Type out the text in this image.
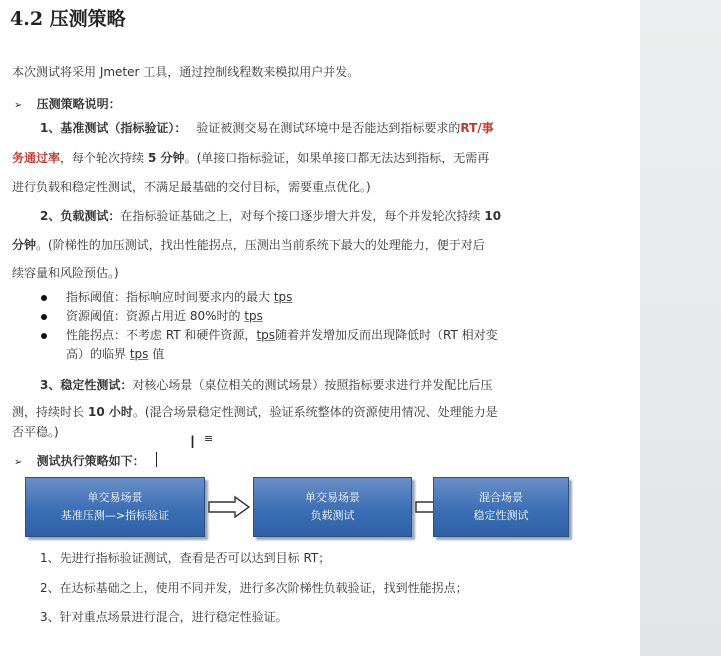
4.2 压测策略
本次测试将采用 Jmeter 工具，通过控制线程数来模拟用户并发。
➢ 压测策略说明：
1、基准测试（指标验证）： 验证被测交易在测试环境中是否能达到指标要求的RT/事
务通过率，每个轮次持续 5 分钟。(单接口指标验证，如果单接口都无法达到指标，无需再
进行负载和稳定性测试，不满足最基础的交付目标，需要重点优化。)
2、负载测试：在指标验证基础之上，对每个接口逐步增大并发，每个并发轮次持续 10
分钟。(阶梯性的加压测试，找出性能拐点，压测出当前系统下最大的处理能力，便于对后
续容量和风险预估。)
指标阈值：指标响应时间要求内的最大 tps
资源阈值：资源占用近 80%时的 tps
性能拐点：不考虑 RT 和硬件资源，tps随着并发增加反而出现降低时（RT 相对变
高）的临界 tps 值
3、稳定性测试：对核心场景（桌位相关的测试场景）按照指标要求进行并发配比后压
测，持续时长 10 小时。(混合场景稳定性测试，验证系统整体的资源使用情况、处理能力是
否平稳。)
I ≡
➢ 测试执行策略如下：
单交易场景
基准压测—>指标验证
单交易场景
负载测试
混合场景
稳定性测试
1、先进行指标验证测试，查看是否可以达到目标 RT；
2、在达标基础之上，使用不同并发，进行多次阶梯性负载验证，找到性能拐点；
3、针对重点场景进行混合，进行稳定性验证。
